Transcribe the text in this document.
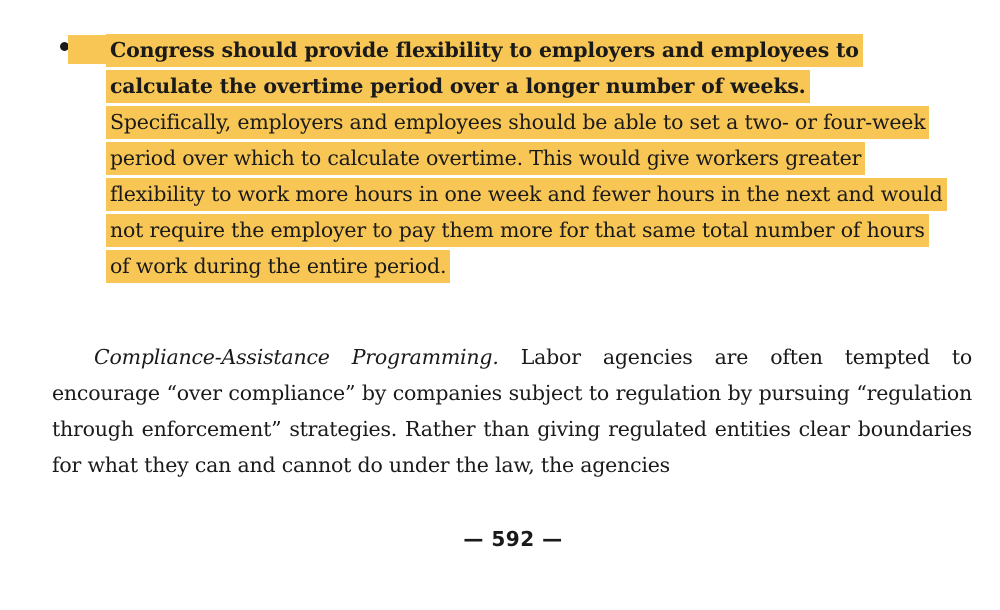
Congress should provide flexibility to employers and employees to calculate the overtime period over a longer number of weeks.
Specifically, employers and employees should be able to set a two- or four-week period over which to calculate overtime. This would give workers greater flexibility to work more hours in one week and fewer hours in the next and would not require the employer to pay them more for that same total number of hours of work during the entire period.

Compliance-Assistance Programming. Labor agencies are often tempted to encourage “over compliance” by companies subject to regulation by pursuing “regulation through enforcement” strategies. Rather than giving regulated entities clear boundaries for what they can and cannot do under the law, the agencies

— 592 —
